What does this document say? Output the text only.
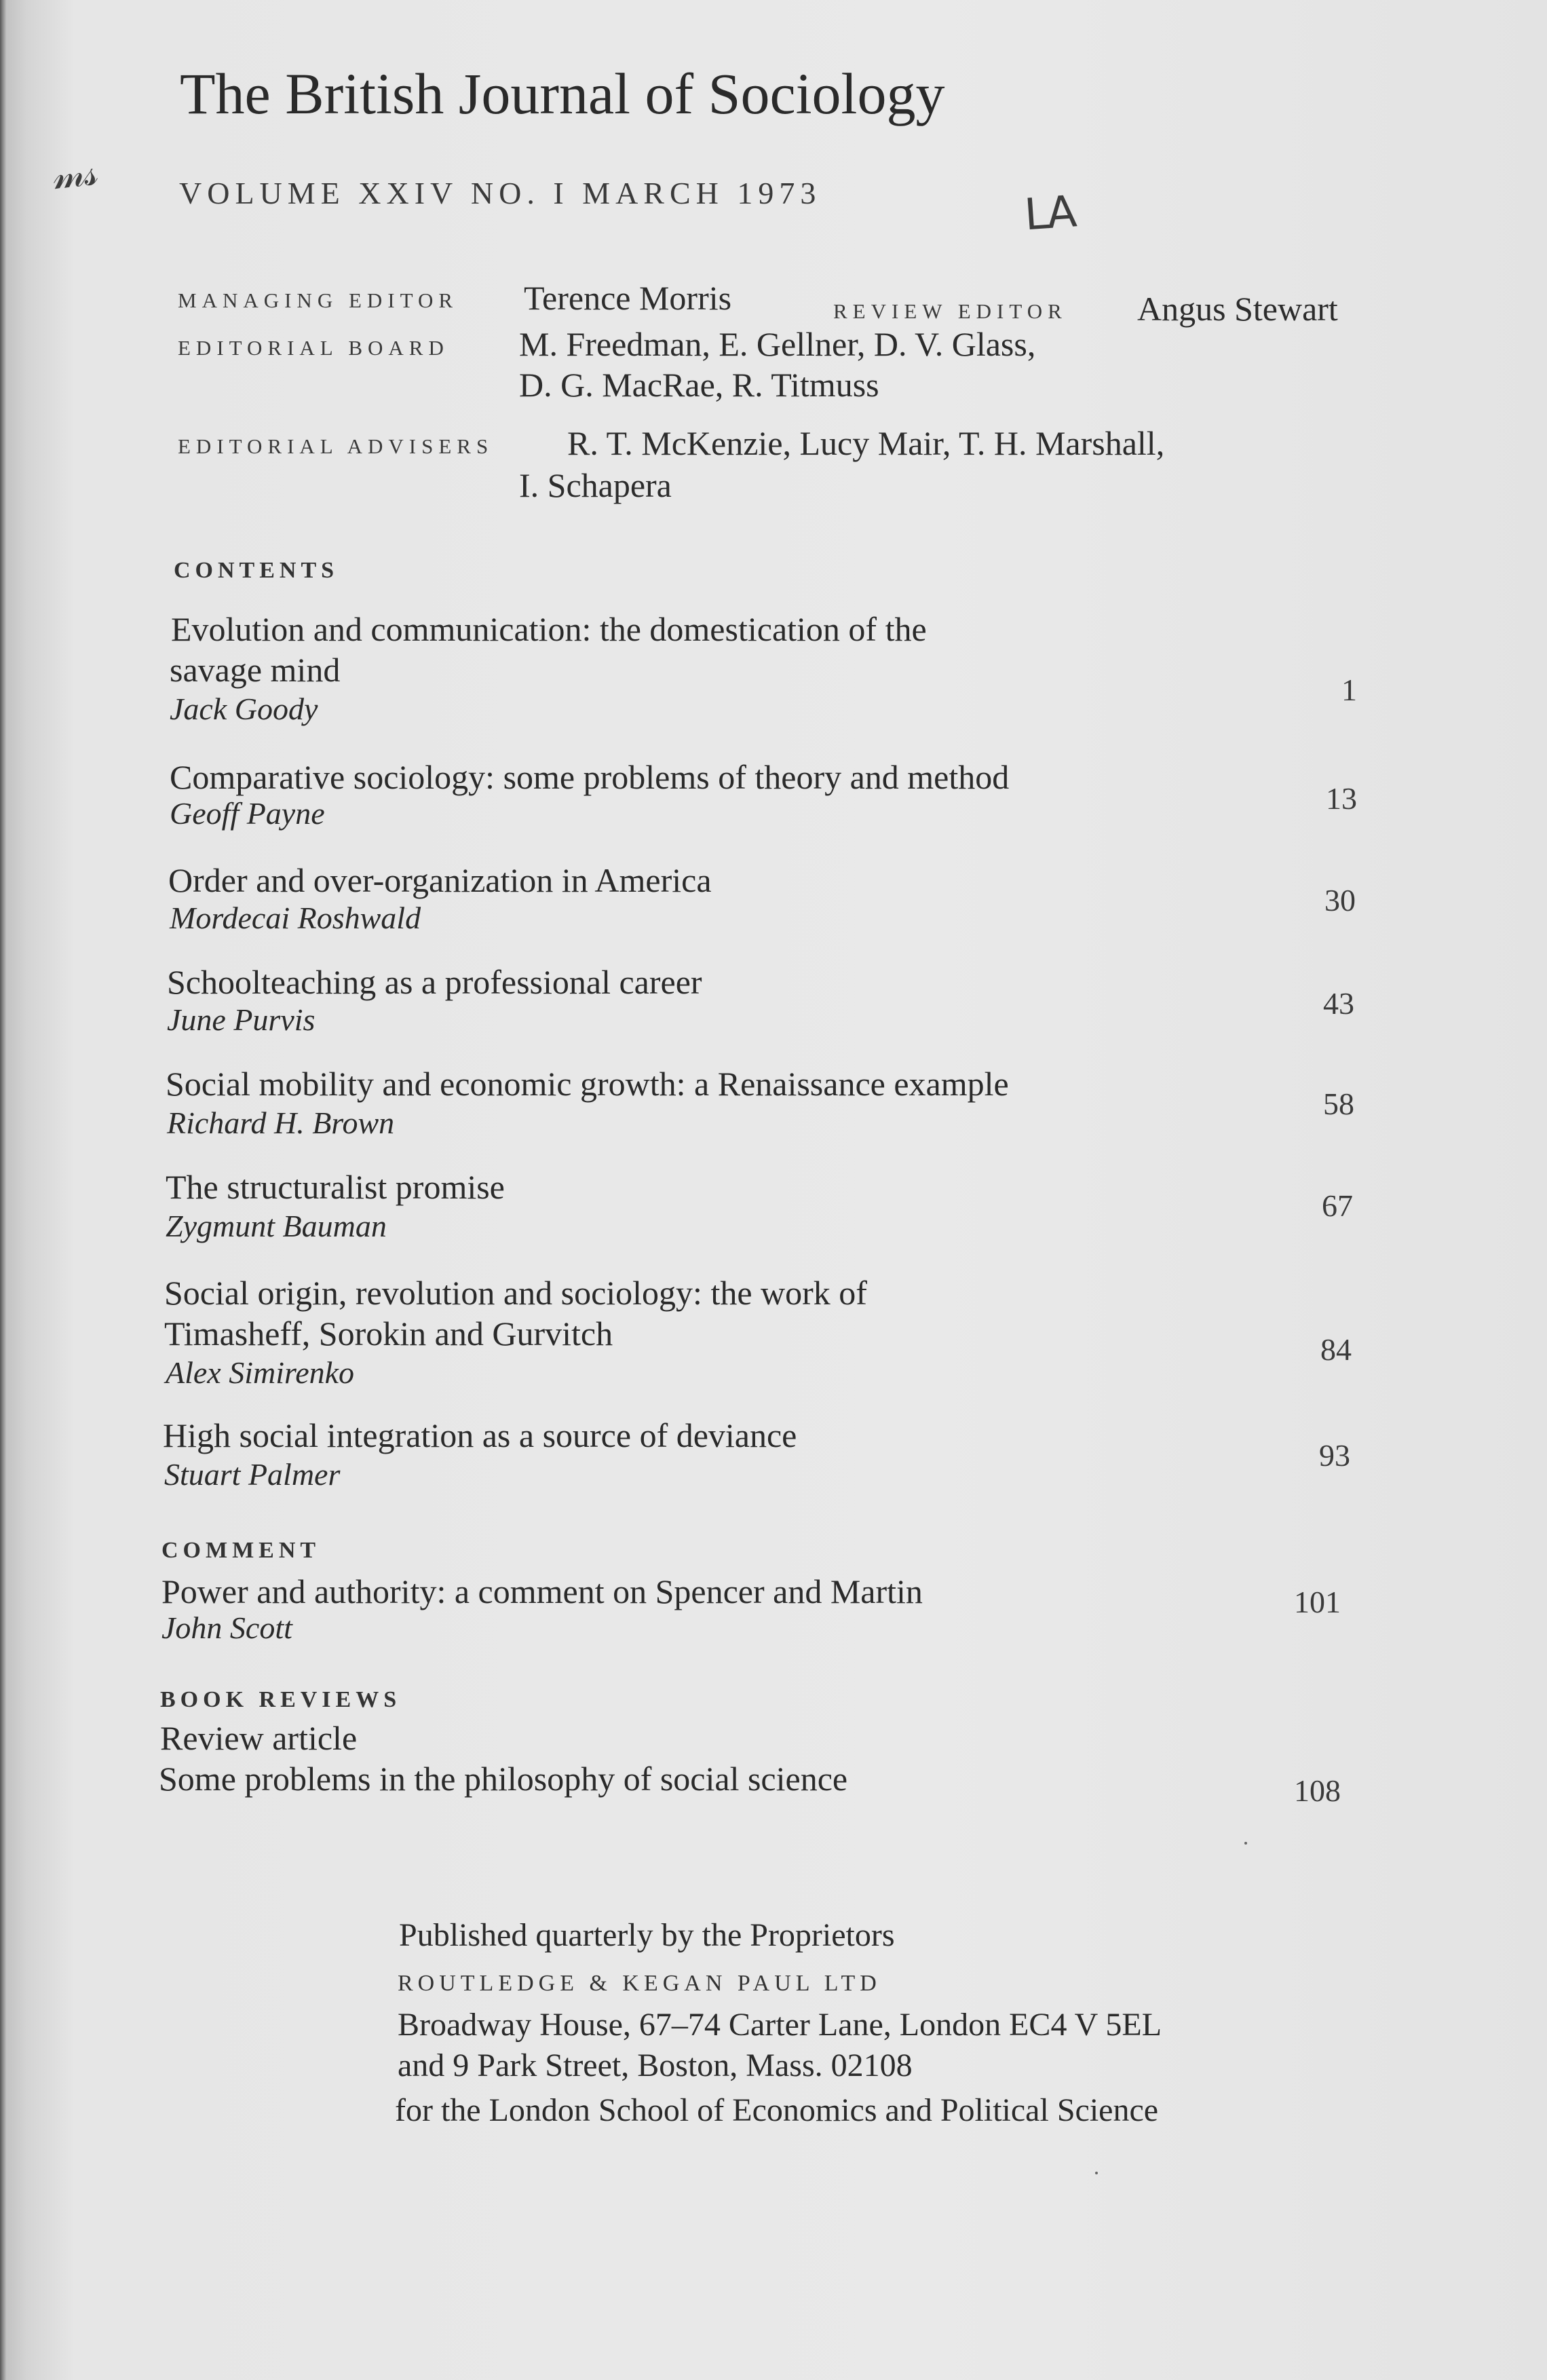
The British Journal of Sociology
VOLUME XXIV NO. I MARCH 1973
𝓂𝓈
LA
MANAGING EDITOR Terence Morris	REVIEW EDITOR Angus Stewart
EDITORIAL BOARD M. Freedman, E. Gellner, D. V. Glass,
D. G. MacRae, R. Titmuss
EDITORIAL ADVISERS R. T. McKenzie, Lucy Mair, T. H. Marshall,
I. Schapera
CONTENTS
Evolution and communication: the domestication of the
savage mind
Jack Goody
1
Comparative sociology: some problems of theory and method
Geoff Payne	13
Order and over-organization in America
Mordecai Roshwald
30
Schoolteaching as a professional career
June Purvis	43
Social mobility and economic growth: a Renaissance example
Richard H. Brown
58
The structuralist promise
Zygmunt Bauman
67
Social origin, revolution and sociology: the work of
Timasheff, Sorokin and Gurvitch
Alex Simirenko
84
High social integration as a source of deviance
Stuart Palmer
93
COMMENT
Power and authority: a comment on Spencer and Martin
John Scott
101
BOOK REVIEWS
Review article
Some problems in the philosophy of social science	108
Published quarterly by the Proprietors
ROUTLEDGE & KEGAN PAUL LTD
Broadway House, 67–74 Carter Lane, London EC4 V 5EL
and 9 Park Street, Boston, Mass. 02108
for the London School of Economics and Political Science
